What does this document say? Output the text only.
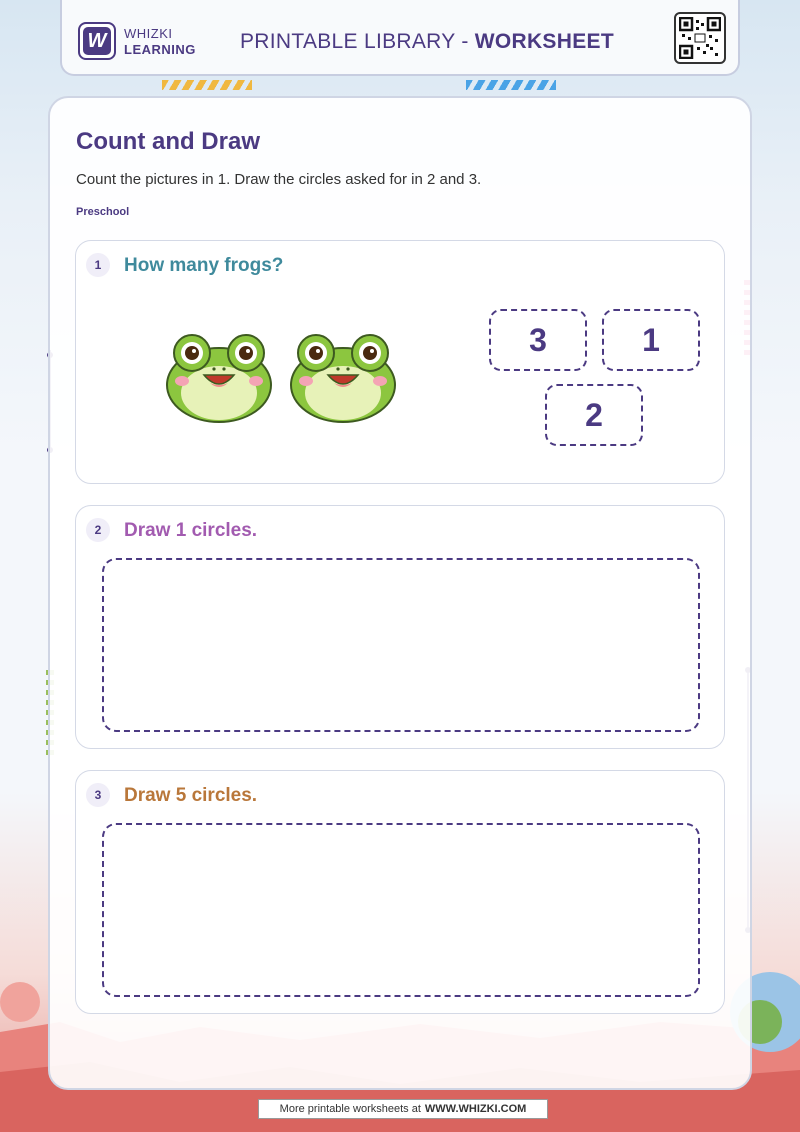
W	WHIZKI
LEARNING PRINTABLE LIBRARY - WORKSHEET
Count and Draw
Count the pictures in 1. Draw the circles asked for in 2 and 3.
Preschool
1	How many frogs?
3	1
2
2	Draw 1 circles.
3	Draw 5 circles.
More printable worksheets at WWW.WHIZKI.COM
